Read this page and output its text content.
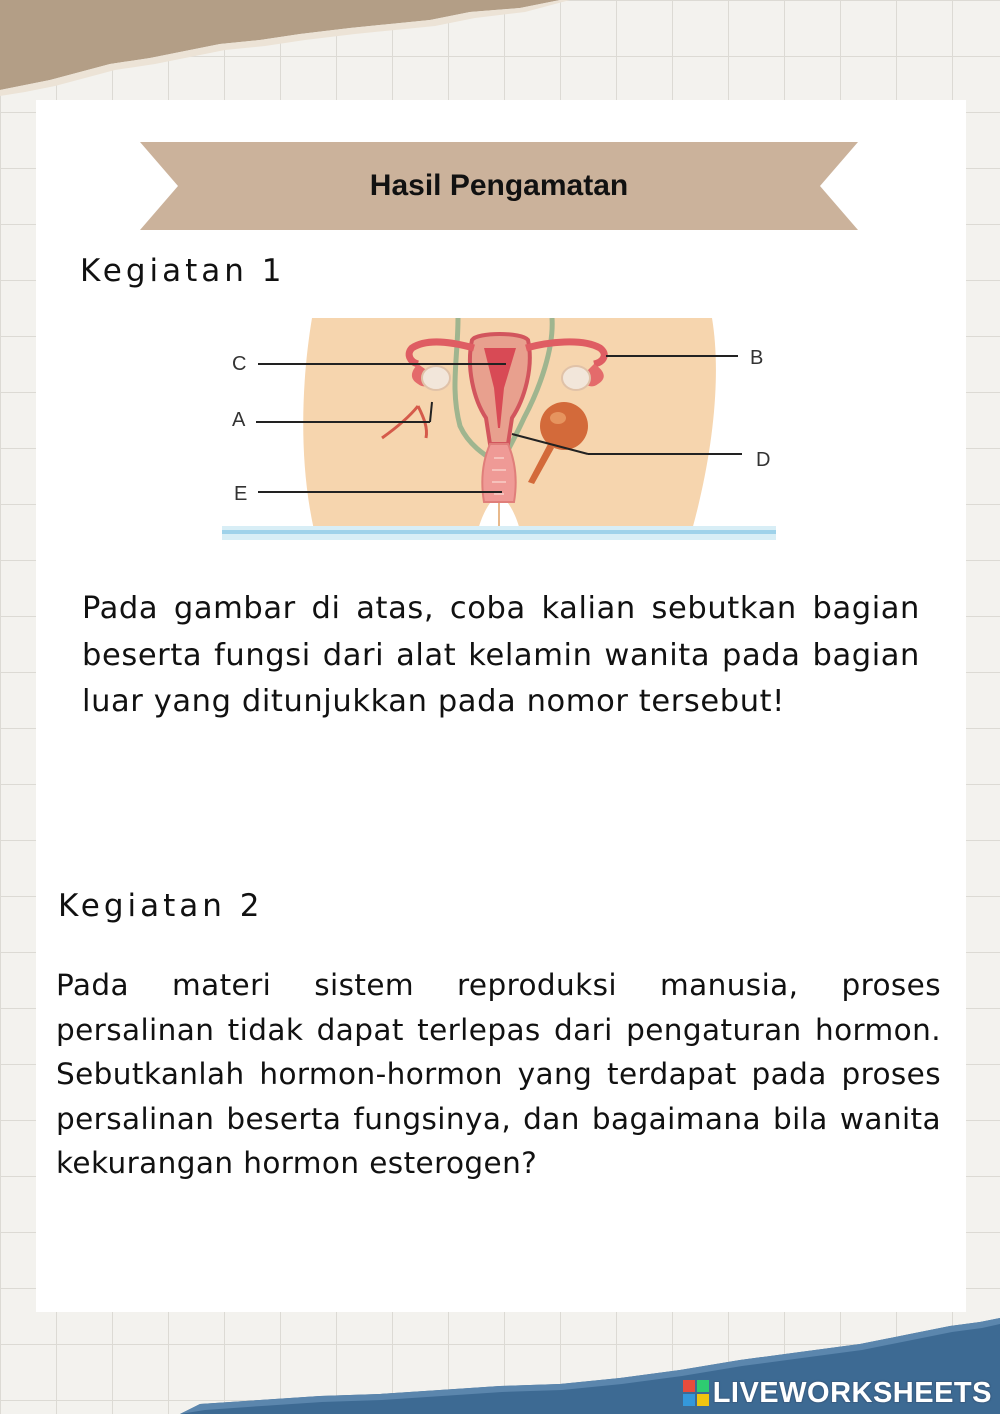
Hasil Pengamatan
Kegiatan 1
C	B
A
D
E
Pada gambar di atas, coba kalian sebutkan bagian beserta fungsi dari alat kelamin wanita pada bagian luar yang ditunjukkan pada nomor tersebut!
Kegiatan 2
Pada materi sistem reproduksi manusia, proses persalinan tidak dapat terlepas dari pengaturan hormon. Sebutkanlah hormon-hormon yang terdapat pada proses persalinan beserta fungsinya, dan bagaimana bila wanita kekurangan hormon esterogen?
LIVEWORKSHEETS
